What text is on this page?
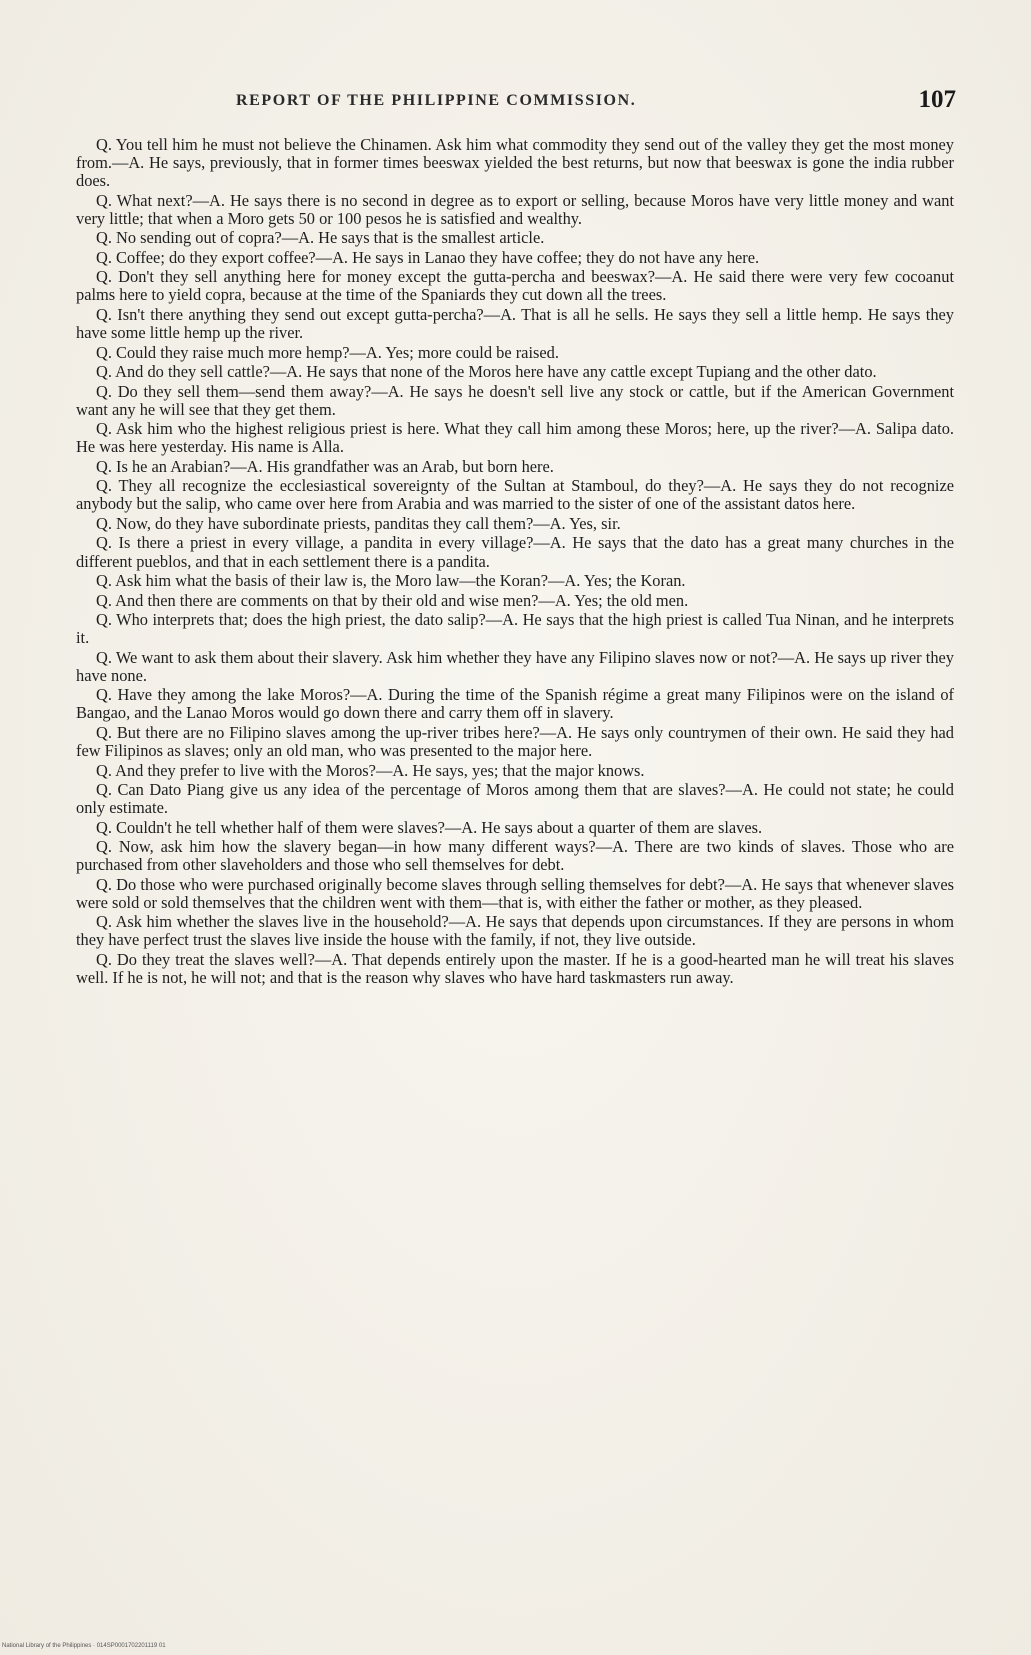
REPORT OF THE PHILIPPINE COMMISSION.	107

Q. You tell him he must not believe the Chinamen. Ask him what commodity they send out of the valley they get the most money from.—A. He says, previously, that in former times beeswax yielded the best returns, but now that beeswax is gone the india rubber does.

Q. What next?—A. He says there is no second in degree as to export or selling, because Moros have very little money and want very little; that when a Moro gets 50 or 100 pesos he is satisfied and wealthy.

Q. No sending out of copra?—A. He says that is the smallest article.

Q. Coffee; do they export coffee?—A. He says in Lanao they have coffee; they do not have any here.

Q. Don't they sell anything here for money except the gutta-percha and beeswax?—A. He said there were very few cocoanut palms here to yield copra, because at the time of the Spaniards they cut down all the trees.

Q. Isn't there anything they send out except gutta-percha?—A. That is all he sells. He says they sell a little hemp. He says they have some little hemp up the river.

Q. Could they raise much more hemp?—A. Yes; more could be raised.

Q. And do they sell cattle?—A. He says that none of the Moros here have any cattle except Tupiang and the other dato.

Q. Do they sell them—send them away?—A. He says he doesn't sell live any stock or cattle, but if the American Government want any he will see that they get them.

Q. Ask him who the highest religious priest is here. What they call him among these Moros; here, up the river?—A. Salipa dato. He was here yesterday. His name is Alla.

Q. Is he an Arabian?—A. His grandfather was an Arab, but born here.

Q. They all recognize the ecclesiastical sovereignty of the Sultan at Stamboul, do they?—A. He says they do not recognize anybody but the salip, who came over here from Arabia and was married to the sister of one of the assistant datos here.

Q. Now, do they have subordinate priests, panditas they call them?—A. Yes, sir.

Q. Is there a priest in every village, a pandita in every village?—A. He says that the dato has a great many churches in the different pueblos, and that in each settlement there is a pandita.

Q. Ask him what the basis of their law is, the Moro law—the Koran?—A. Yes; the Koran.

Q. And then there are comments on that by their old and wise men?—A. Yes; the old men.

Q. Who interprets that; does the high priest, the dato salip?—A. He says that the high priest is called Tua Ninan, and he interprets it.

Q. We want to ask them about their slavery. Ask him whether they have any Filipino slaves now or not?—A. He says up river they have none.

Q. Have they among the lake Moros?—A. During the time of the Spanish régime a great many Filipinos were on the island of Bangao, and the Lanao Moros would go down there and carry them off in slavery.

Q. But there are no Filipino slaves among the up-river tribes here?—A. He says only countrymen of their own. He said they had few Filipinos as slaves; only an old man, who was presented to the major here.

Q. And they prefer to live with the Moros?—A. He says, yes; that the major knows.

Q. Can Dato Piang give us any idea of the percentage of Moros among them that are slaves?—A. He could not state; he could only estimate.

Q. Couldn't he tell whether half of them were slaves?—A. He says about a quarter of them are slaves.

Q. Now, ask him how the slavery began—in how many different ways?—A. There are two kinds of slaves. Those who are purchased from other slaveholders and those who sell themselves for debt.

Q. Do those who were purchased originally become slaves through selling themselves for debt?—A. He says that whenever slaves were sold or sold themselves that the children went with them—that is, with either the father or mother, as they pleased.

Q. Ask him whether the slaves live in the household?—A. He says that depends upon circumstances. If they are persons in whom they have perfect trust the slaves live inside the house with the family, if not, they live outside.

Q. Do they treat the slaves well?—A. That depends entirely upon the master. If he is a good-hearted man he will treat his slaves well. If he is not, he will not; and that is the reason why slaves who have hard taskmasters run away.

National Library of the Philippines · 014SP0001702201119 01
